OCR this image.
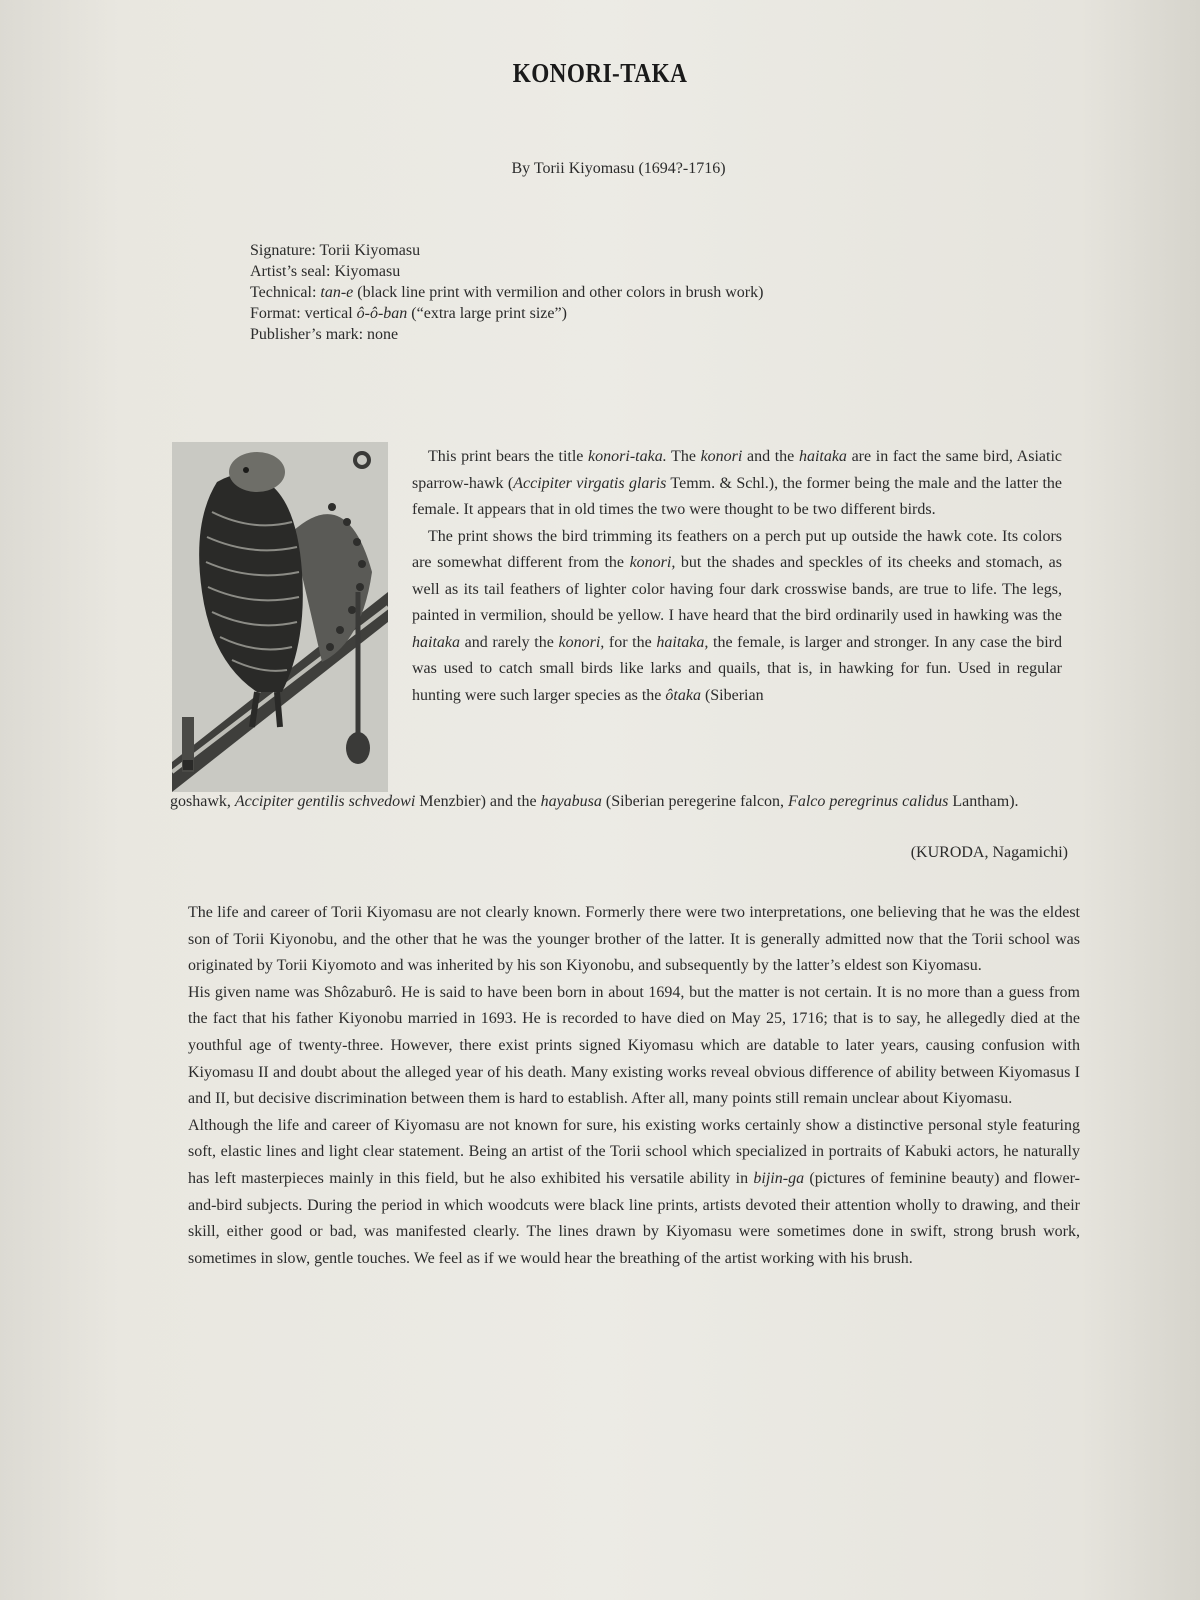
KONORI-TAKA
By Torii Kiyomasu (1694?-1716)
Signature: Torii Kiyomasu
Artist’s seal: Kiyomasu
Technical: tan-e (black line print with vermilion and other colors in brush work)
Format: vertical ô-ô-ban (“extra large print size”)
Publisher’s mark: none

This print bears the title konori-taka. The konori and the haitaka are in fact the same bird, Asiatic sparrow-hawk (Accipiter virgatis glaris Temm. & Schl.), the former being the male and the latter the female. It appears that in old times the two were thought to be two different birds.

The print shows the bird trimming its feathers on a perch put up outside the hawk cote. Its colors are somewhat different from the konori, but the shades and speckles of its cheeks and stomach, as well as its tail feathers of lighter color having four dark crosswise bands, are true to life. The legs, painted in vermilion, should be yellow. I have heard that the bird ordinarily used in hawking was the haitaka and rarely the konori, for the haitaka, the female, is larger and stronger. In any case the bird was used to catch small birds like larks and quails, that is, in hawking for fun. Used in regular hunting were such larger species as the ôtaka (Siberian

goshawk, Accipiter gentilis schvedowi Menzbier) and the hayabusa (Siberian peregerine falcon, Falco peregrinus calidus Lantham).

(KURODA, Nagamichi)

The life and career of Torii Kiyomasu are not clearly known. Formerly there were two interpretations, one believing that he was the eldest son of Torii Kiyonobu, and the other that he was the younger brother of the latter. It is generally admitted now that the Torii school was originated by Torii Kiyomoto and was inherited by his son Kiyonobu, and subsequently by the latter’s eldest son Kiyomasu.

His given name was Shôzaburô. He is said to have been born in about 1694, but the matter is not certain. It is no more than a guess from the fact that his father Kiyonobu married in 1693. He is recorded to have died on May 25, 1716; that is to say, he allegedly died at the youthful age of twenty-three. However, there exist prints signed Kiyomasu which are datable to later years, causing confusion with Kiyomasu II and doubt about the alleged year of his death. Many existing works reveal obvious difference of ability between Kiyomasus I and II, but decisive discrimination between them is hard to establish. After all, many points still remain unclear about Kiyomasu.

Although the life and career of Kiyomasu are not known for sure, his existing works certainly show a distinctive personal style featuring soft, elastic lines and light clear statement. Being an artist of the Torii school which specialized in portraits of Kabuki actors, he naturally has left masterpieces mainly in this field, but he also exhibited his versatile ability in bijin-ga (pictures of feminine beauty) and flower-and-bird subjects. During the period in which woodcuts were black line prints, artists devoted their attention wholly to drawing, and their skill, either good or bad, was manifested clearly. The lines drawn by Kiyomasu were sometimes done in swift, strong brush work, sometimes in slow, gentle touches. We feel as if we would hear the breathing of the artist working with his brush.
